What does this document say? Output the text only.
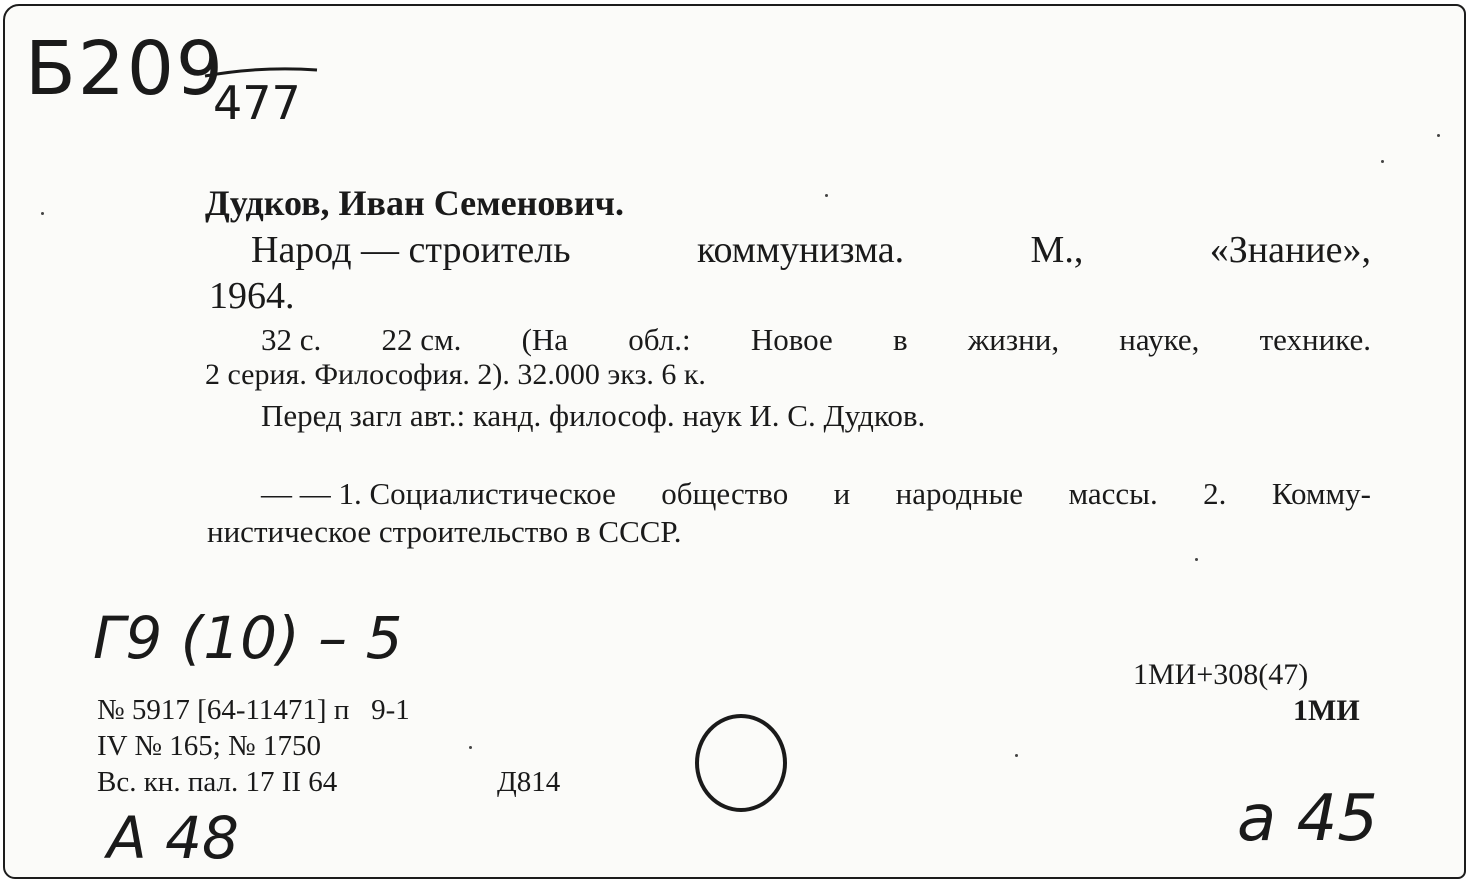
Б209
477
Дудков, Иван Семенович.
Народ — строитель	коммунизма.	М.,	«Знание»,
1964.
32 с. 22 см. (На обл.: Новое в жизни, науке, технике.
2 серия. Философия. 2). 32.000 экз. 6 к.
Перед загл авт.: канд. философ. наук И. С. Дудков.
— — 1. Социалистическое общество и народные массы. 2. Комму-
нистическое строительство в СССР.
Г9 (10) – 5
№ 5917 [64-11471] п   9-1
IV № 165; № 1750
Вс. кн. пал. 17 II 64	Д814
А 48
1МИ+308(47)
1МИ
а 45
